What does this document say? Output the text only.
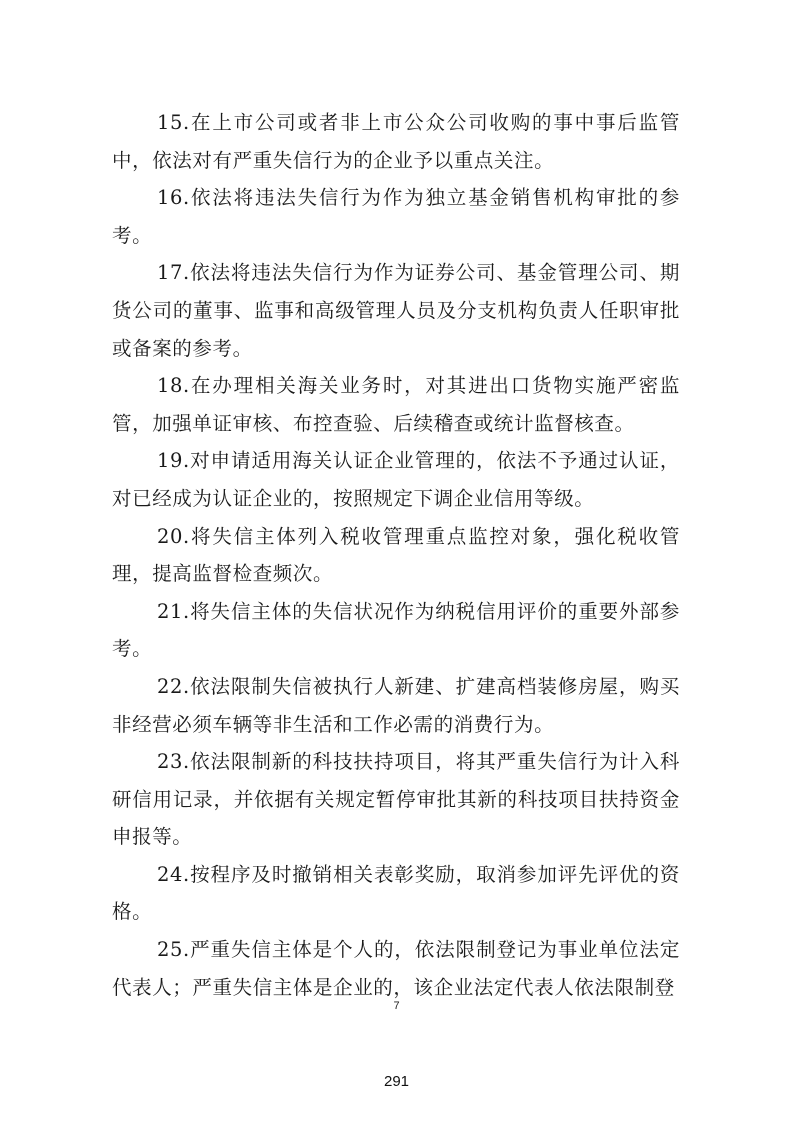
15.在上市公司或者非上市公众公司收购的事中事后监管中，依法对有严重失信行为的企业予以重点关注。

16.依法将违法失信行为作为独立基金销售机构审批的参考。

17.依法将违法失信行为作为证券公司、基金管理公司、期货公司的董事、监事和高级管理人员及分支机构负责人任职审批或备案的参考。

18.在办理相关海关业务时，对其进出口货物实施严密监管，加强单证审核、布控查验、后续稽查或统计监督核查。

19.对申请适用海关认证企业管理的，依法不予通过认证，对已经成为认证企业的，按照规定下调企业信用等级。

20.将失信主体列入税收管理重点监控对象，强化税收管理，提高监督检查频次。

21.将失信主体的失信状况作为纳税信用评价的重要外部参考。

22.依法限制失信被执行人新建、扩建高档装修房屋，购买非经营必须车辆等非生活和工作必需的消费行为。

23.依法限制新的科技扶持项目，将其严重失信行为计入科研信用记录，并依据有关规定暂停审批其新的科技项目扶持资金申报等。

24.按程序及时撤销相关表彰奖励，取消参加评先评优的资格。

25.严重失信主体是个人的，依法限制登记为事业单位法定代表人；严重失信主体是企业的，该企业法定代表人依法限制登

7
291
